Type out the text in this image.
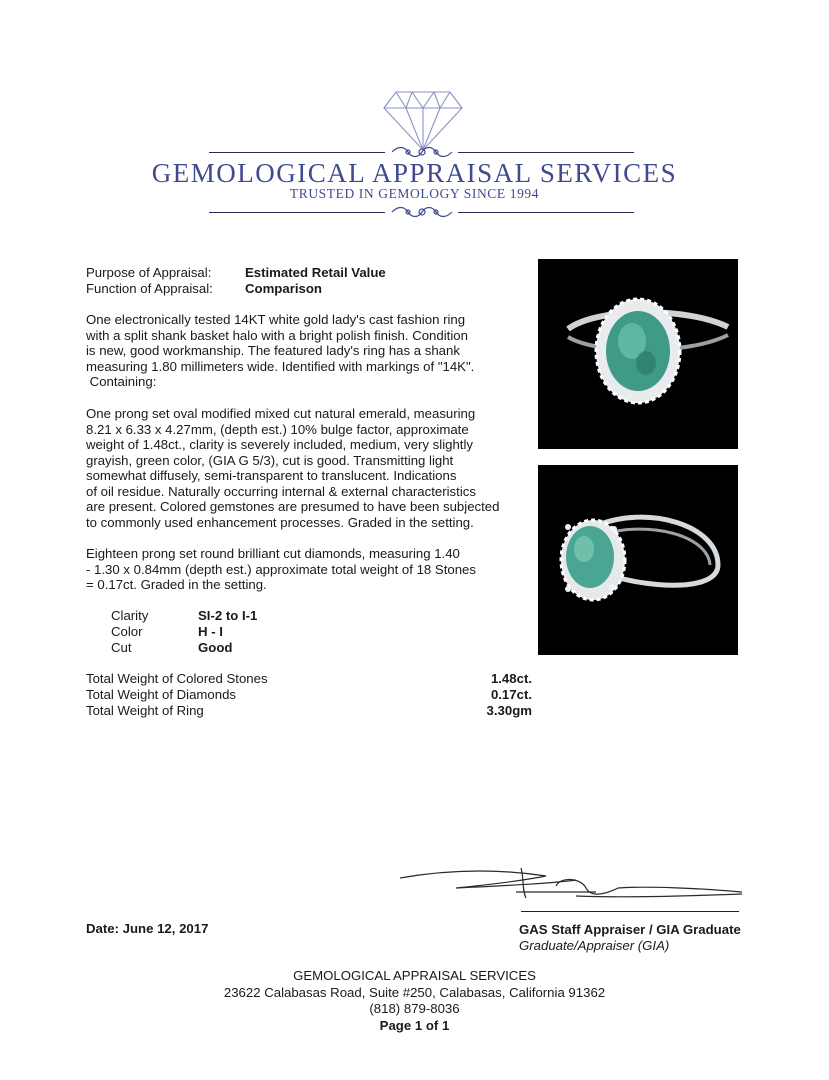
GEMOLOGICAL APPRAISAL SERVICES
TRUSTED IN GEMOLOGY SINCE 1994
Purpose of Appraisal:	Estimated Retail Value
Function of Appraisal: Comparison
One electronically tested 14KT white gold lady's cast fashion ring
with a split shank basket halo with a bright polish finish. Condition
is new, good workmanship. The featured lady's ring has a shank
measuring 1.80 millimeters wide. Identified with markings of "14K".
Containing:
One prong set oval modified mixed cut natural emerald, measuring
8.21 x 6.33 x 4.27mm, (depth est.) 10% bulge factor, approximate
weight of 1.48ct., clarity is severely included, medium, very slightly
grayish, green color, (GIA G 5/3), cut is good. Transmitting light
somewhat diffusely, semi-transparent to translucent. Indications
of oil residue. Naturally occurring internal & external characteristics
are present. Colored gemstones are presumed to have been subjected
to commonly used enhancement processes. Graded in the setting.
Eighteen prong set round brilliant cut diamonds, measuring 1.40
- 1.30 x 0.84mm (depth est.) approximate total weight of 18 Stones
= 0.17ct. Graded in the setting.
Clarity	SI-2 to I-1
Color	H - I
Cut	Good
Total Weight of Colored Stones	1.48ct.
Total Weight of Diamonds	0.17ct.
Total Weight of Ring	3.30gm
Date: June 12, 2017	GAS Staff Appraiser / GIA Graduate
Graduate/Appraiser (GIA)
GEMOLOGICAL APPRAISAL SERVICES
23622 Calabasas Road, Suite #250, Calabasas, California 91362
(818) 879-8036
Page 1 of 1
